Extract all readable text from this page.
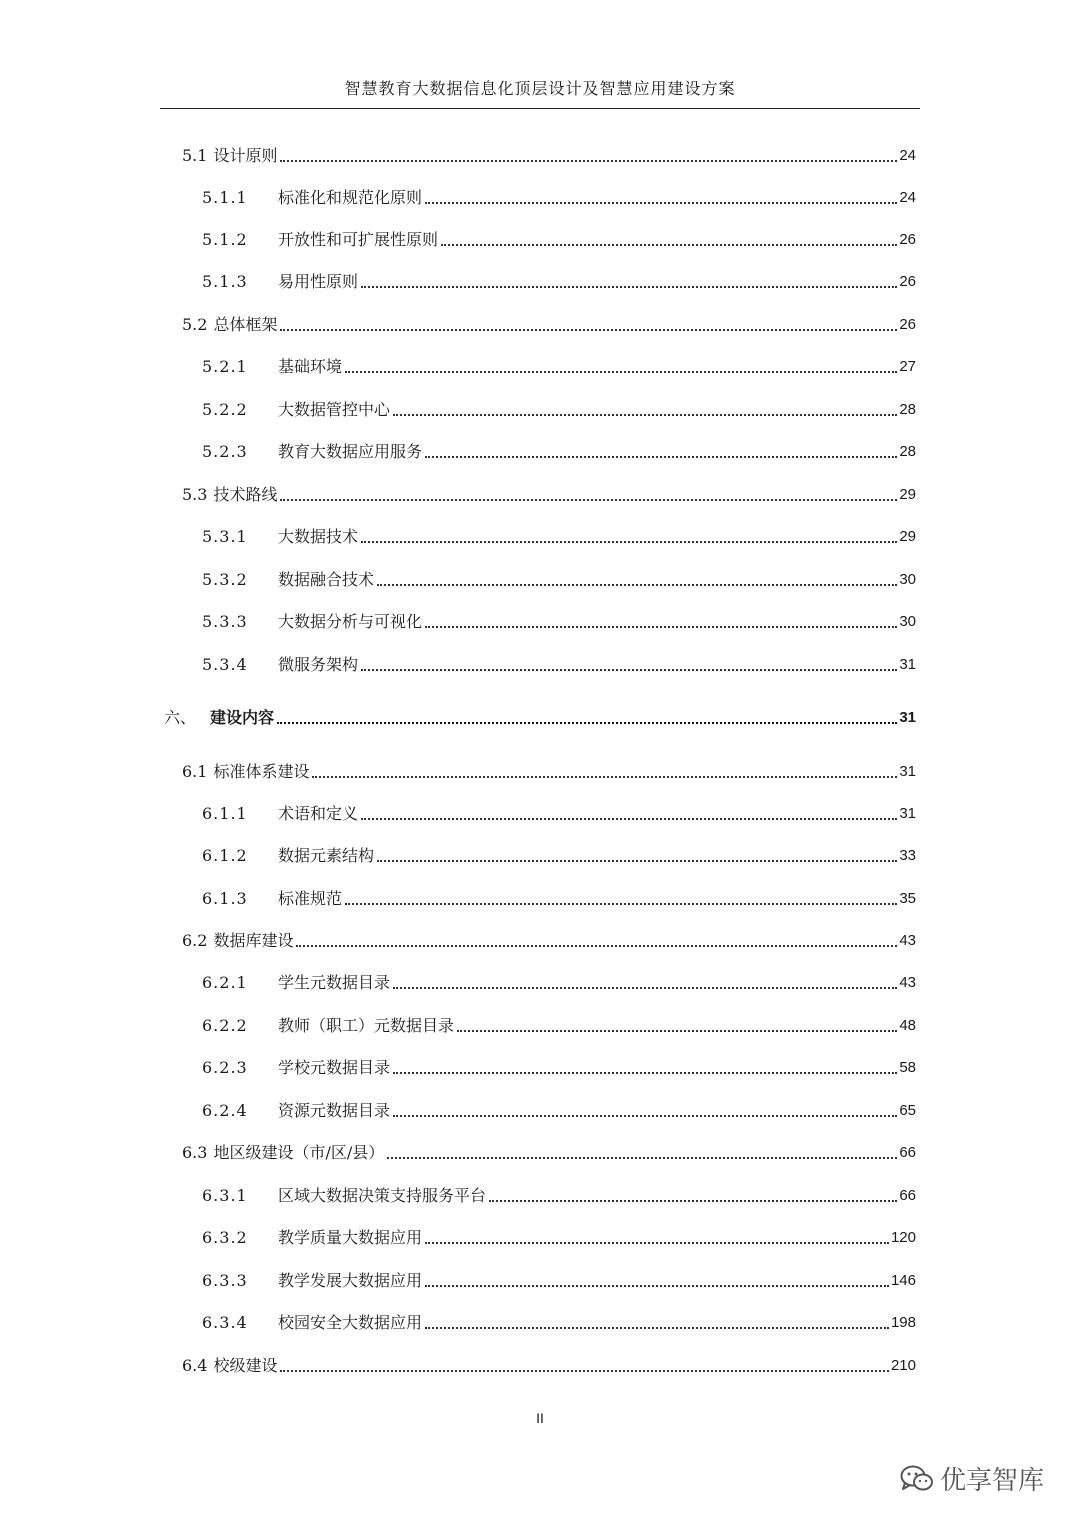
智慧教育大数据信息化顶层设计及智慧应用建设方案
5.1 设计原则	24
5.1.1	标准化和规范化原则	24
5.1.2	开放性和可扩展性原则	26
5.1.3	易用性原则	26
5.2 总体框架	26
5.2.1	基础环境	27
5.2.2	大数据管控中心	28
5.2.3	教育大数据应用服务	28
5.3 技术路线	29
5.3.1	大数据技术	29
5.3.2	数据融合技术	30
5.3.3	大数据分析与可视化	30
5.3.4	微服务架构	31
六、 建设内容	31
6.1 标准体系建设	31
6.1.1	术语和定义	31
6.1.2	数据元素结构	33
6.1.3	标准规范	35
6.2 数据库建设	43
6.2.1	学生元数据目录	43
6.2.2	教师（职工）元数据目录	48
6.2.3	学校元数据目录	58
6.2.4	资源元数据目录	65
6.3 地区级建设（市/区/县）	66
6.3.1	区域大数据决策支持服务平台	66
6.3.2	教学质量大数据应用	120
6.3.3	教学发展大数据应用	146
6.3.4	校园安全大数据应用	198
6.4 校级建设	210
II
优享智库
